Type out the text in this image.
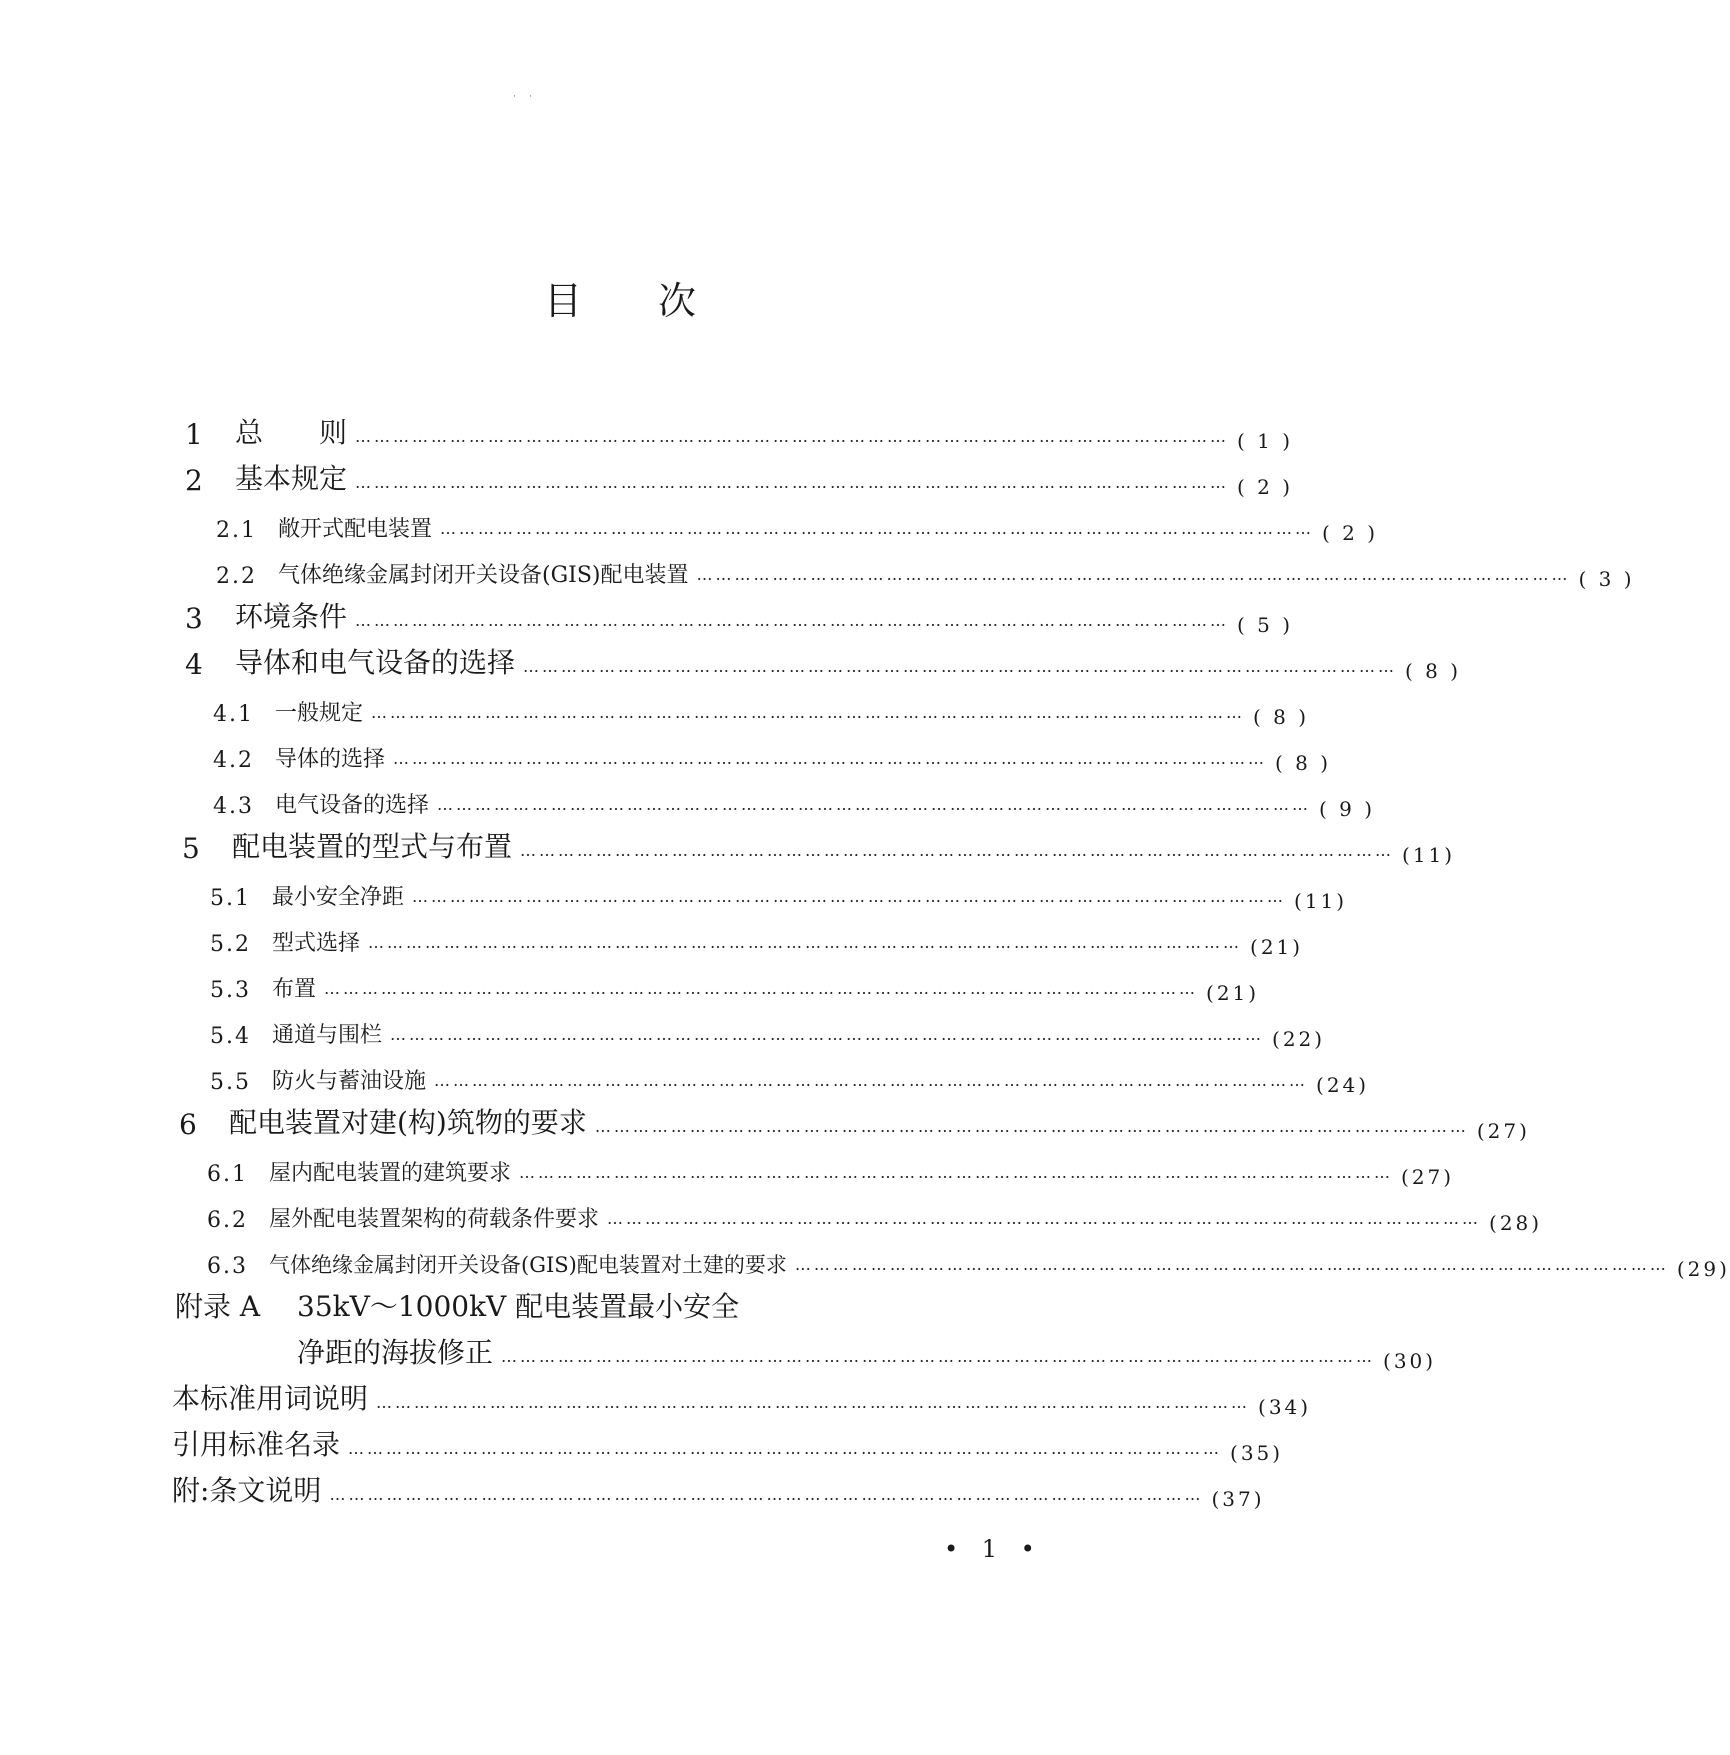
˙ ˙
目　　次
1	总　　则 ………………………………………………………………………………………………………………………… ( 1 )
2	基本规定 ………………………………………………………………………………………………………………………… ( 2 )
2.1 敞开式配电装置 ………………………………………………………………………………………………………………………… ( 2 )
2.2 气体绝缘金属封闭开关设备(GIS)配电装置 ………………………………………………………………………………………………………………………… ( 3 )
3	环境条件 ………………………………………………………………………………………………………………………… ( 5 )
4	导体和电气设备的选择 ………………………………………………………………………………………………………………………… ( 8 )
4.1 一般规定 ………………………………………………………………………………………………………………………… ( 8 )
4.2 导体的选择 ………………………………………………………………………………………………………………………… ( 8 )
4.3 电气设备的选择 ………………………………………………………………………………………………………………………… ( 9 )
5	配电装置的型式与布置 ………………………………………………………………………………………………………………………… (11)
5.1 最小安全净距 ………………………………………………………………………………………………………………………… (11)
5.2 型式选择 ………………………………………………………………………………………………………………………… (21)
5.3 布置 ………………………………………………………………………………………………………………………… (21)
5.4 通道与围栏 ………………………………………………………………………………………………………………………… (22)
5.5 防火与蓄油设施 ………………………………………………………………………………………………………………………… (24)
6	配电装置对建(构)筑物的要求 ………………………………………………………………………………………………………………………… (27)
6.1 屋内配电装置的建筑要求 ………………………………………………………………………………………………………………………… (27)
6.2 屋外配电装置架构的荷载条件要求 ………………………………………………………………………………………………………………………… (28)
6.3	气体绝缘金属封闭开关设备(GIS)配电装置对土建的要求 ………………………………………………………………………………………………………………………… (29)
附录 A	35kV～1000kV 配电装置最小安全
净距的海拔修正 ………………………………………………………………………………………………………………………… (30)
本标准用词说明 ………………………………………………………………………………………………………………………… (34)
引用标准名录 ………………………………………………………………………………………………………………………… (35)
附:条文说明 ………………………………………………………………………………………………………………………… (37)
• 1 •
